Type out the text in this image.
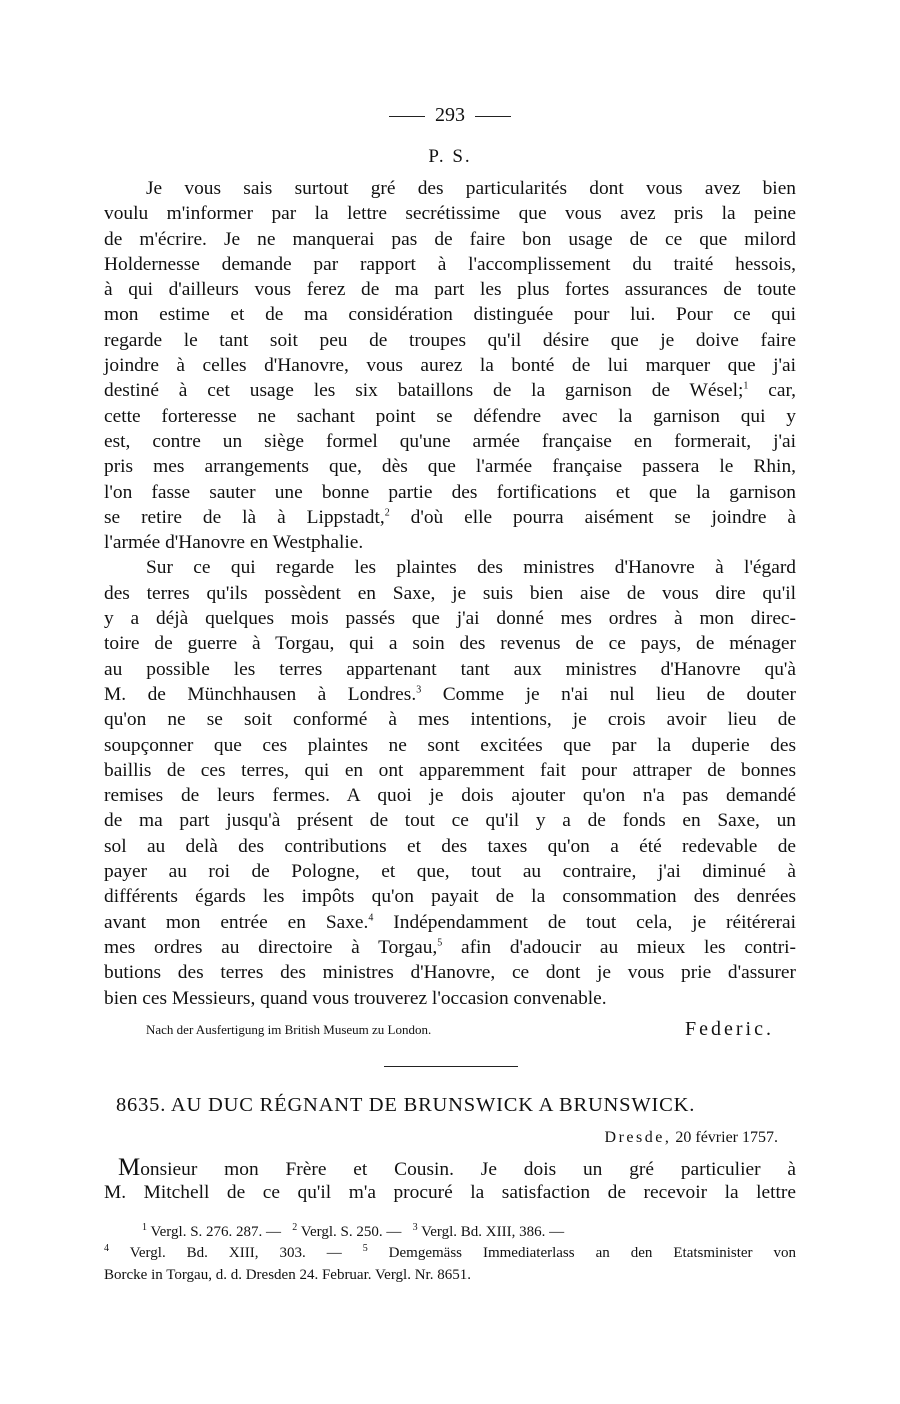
293
P. S.
Je vous sais surtout gré des particularités dont vous avez bien
voulu m'informer par la lettre secrétissime que vous avez pris la peine
de m'écrire. Je ne manquerai pas de faire bon usage de ce que milord
Holdernesse demande par rapport à l'accomplissement du traité hessois,
à qui d'ailleurs vous ferez de ma part les plus fortes assurances de toute
mon estime et de ma considération distinguée pour lui. Pour ce qui
regarde le tant soit peu de troupes qu'il désire que je doive faire
joindre à celles d'Hanovre, vous aurez la bonté de lui marquer que j'ai
destiné à cet usage les six bataillons de la garnison de Wésel;$^1$ car,
cette forteresse ne sachant point se défendre avec la garnison qui y
est, contre un siège formel qu'une armée française en formerait, j'ai
pris mes arrangements que, dès que l'armée française passera le Rhin,
l'on fasse sauter une bonne partie des fortifications et que la garnison
se retire de là à Lippstadt,$^2$ d'où elle pourra aisément se joindre à
l'armée d'Hanovre en Westphalie.
Sur ce qui regarde les plaintes des ministres d'Hanovre à l'égard
des terres qu'ils possèdent en Saxe, je suis bien aise de vous dire qu'il
y a déjà quelques mois passés que j'ai donné mes ordres à mon direc-
toire de guerre à Torgau, qui a soin des revenus de ce pays, de ménager
au possible les terres appartenant tant aux ministres d'Hanovre qu'à
M. de Münchhausen à Londres.$^3$ Comme je n'ai nul lieu de douter
qu'on ne se soit conformé à mes intentions, je crois avoir lieu de
soupçonner que ces plaintes ne sont excitées que par la duperie des
baillis de ces terres, qui en ont apparemment fait pour attraper de bonnes
remises de leurs fermes. A quoi je dois ajouter qu'on n'a pas demandé
de ma part jusqu'à présent de tout ce qu'il y a de fonds en Saxe, un
sol au delà des contributions et des taxes qu'on a été redevable de
payer au roi de Pologne, et que, tout au contraire, j'ai diminué à
différents égards les impôts qu'on payait de la consommation des denrées
avant mon entrée en Saxe.$^4$ Indépendamment de tout cela, je réitérerai
mes ordres au directoire à Torgau,$^5$ afin d'adoucir au mieux les contri-
butions des terres des ministres d'Hanovre, ce dont je vous prie d'assurer
bien ces Messieurs, quand vous trouverez l'occasion convenable.
Nach der Ausfertigung im British Museum zu London.	Federic.
8635. AU DUC RÉGNANT DE BRUNSWICK A BRUNSWICK.
Dresde, 20 février 1757.
Monsieur mon Frère et Cousin. Je dois un gré particulier à
M. Mitchell de ce qu'il m'a procuré la satisfaction de recevoir la lettre
$^1$ Vergl. S. 276. 287. — $^2$ Vergl. S. 250. — $^3$ Vergl. Bd. XIII, 386. —
$^4$ Vergl. Bd. XIII, 303. — $^5$ Demgemäss Immediaterlass an den Etatsminister von
Borcke in Torgau, d. d. Dresden 24. Februar. Vergl. Nr. 8651.
